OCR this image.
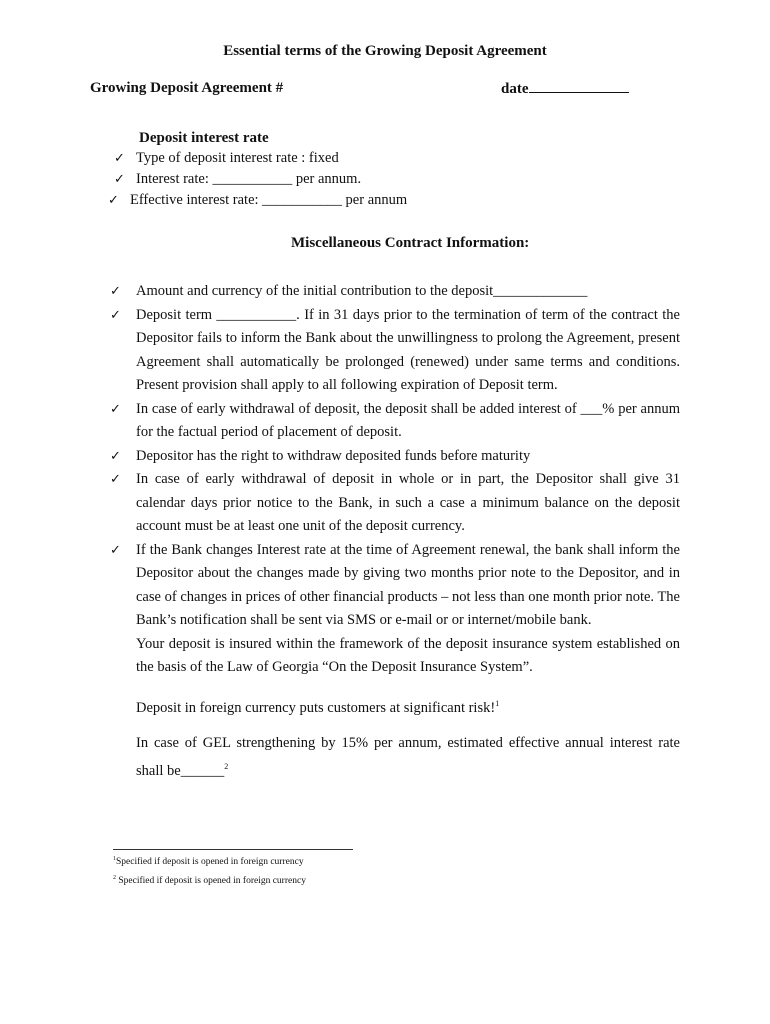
Essential terms of the Growing Deposit Agreement
Growing Deposit Agreement #	date
Deposit interest rate
✓ Type of deposit interest rate : fixed
✓ Interest rate: ___________ per annum.
✓ Effective interest rate: ___________ per annum
Miscellaneous Contract Information:
✓	Amount and currency of the initial contribution to the deposit_____________
✓	Deposit term ___________. If in 31 days prior to the termination of term of the contract the Depositor fails to inform the Bank about the unwillingness to prolong the Agreement, present Agreement shall automatically be prolonged (renewed) under same terms and conditions. Present provision shall apply to all following expiration of Deposit term.
✓	In case of early withdrawal of deposit, the deposit shall be added interest of ___% per annum for the factual period of placement of deposit.
✓	Depositor has the right to withdraw deposited funds before maturity
✓	In case of early withdrawal of deposit in whole or in part, the Depositor shall give 31 calendar days prior notice to the Bank, in such a case a minimum balance on the deposit account must be at least one unit of the deposit currency.
✓	If the Bank changes Interest rate at the time of Agreement renewal, the bank shall inform the Depositor about the changes made by giving two months prior note to the Depositor, and in case of changes in prices of other financial products – not less than one month prior note. The Bank’s notification shall be sent via SMS or e-mail or or internet/mobile bank.
Your deposit is insured within the framework of the deposit insurance system established on the basis of the Law of Georgia “On the Deposit Insurance System”.
Deposit in foreign currency puts customers at significant risk!$^1$
In case of GEL strengthening by 15% per annum, estimated effective annual interest rate shall be______$^2$
$^1$Specified if deposit is opened in foreign currency
$^2$ Specified if deposit is opened in foreign currency
